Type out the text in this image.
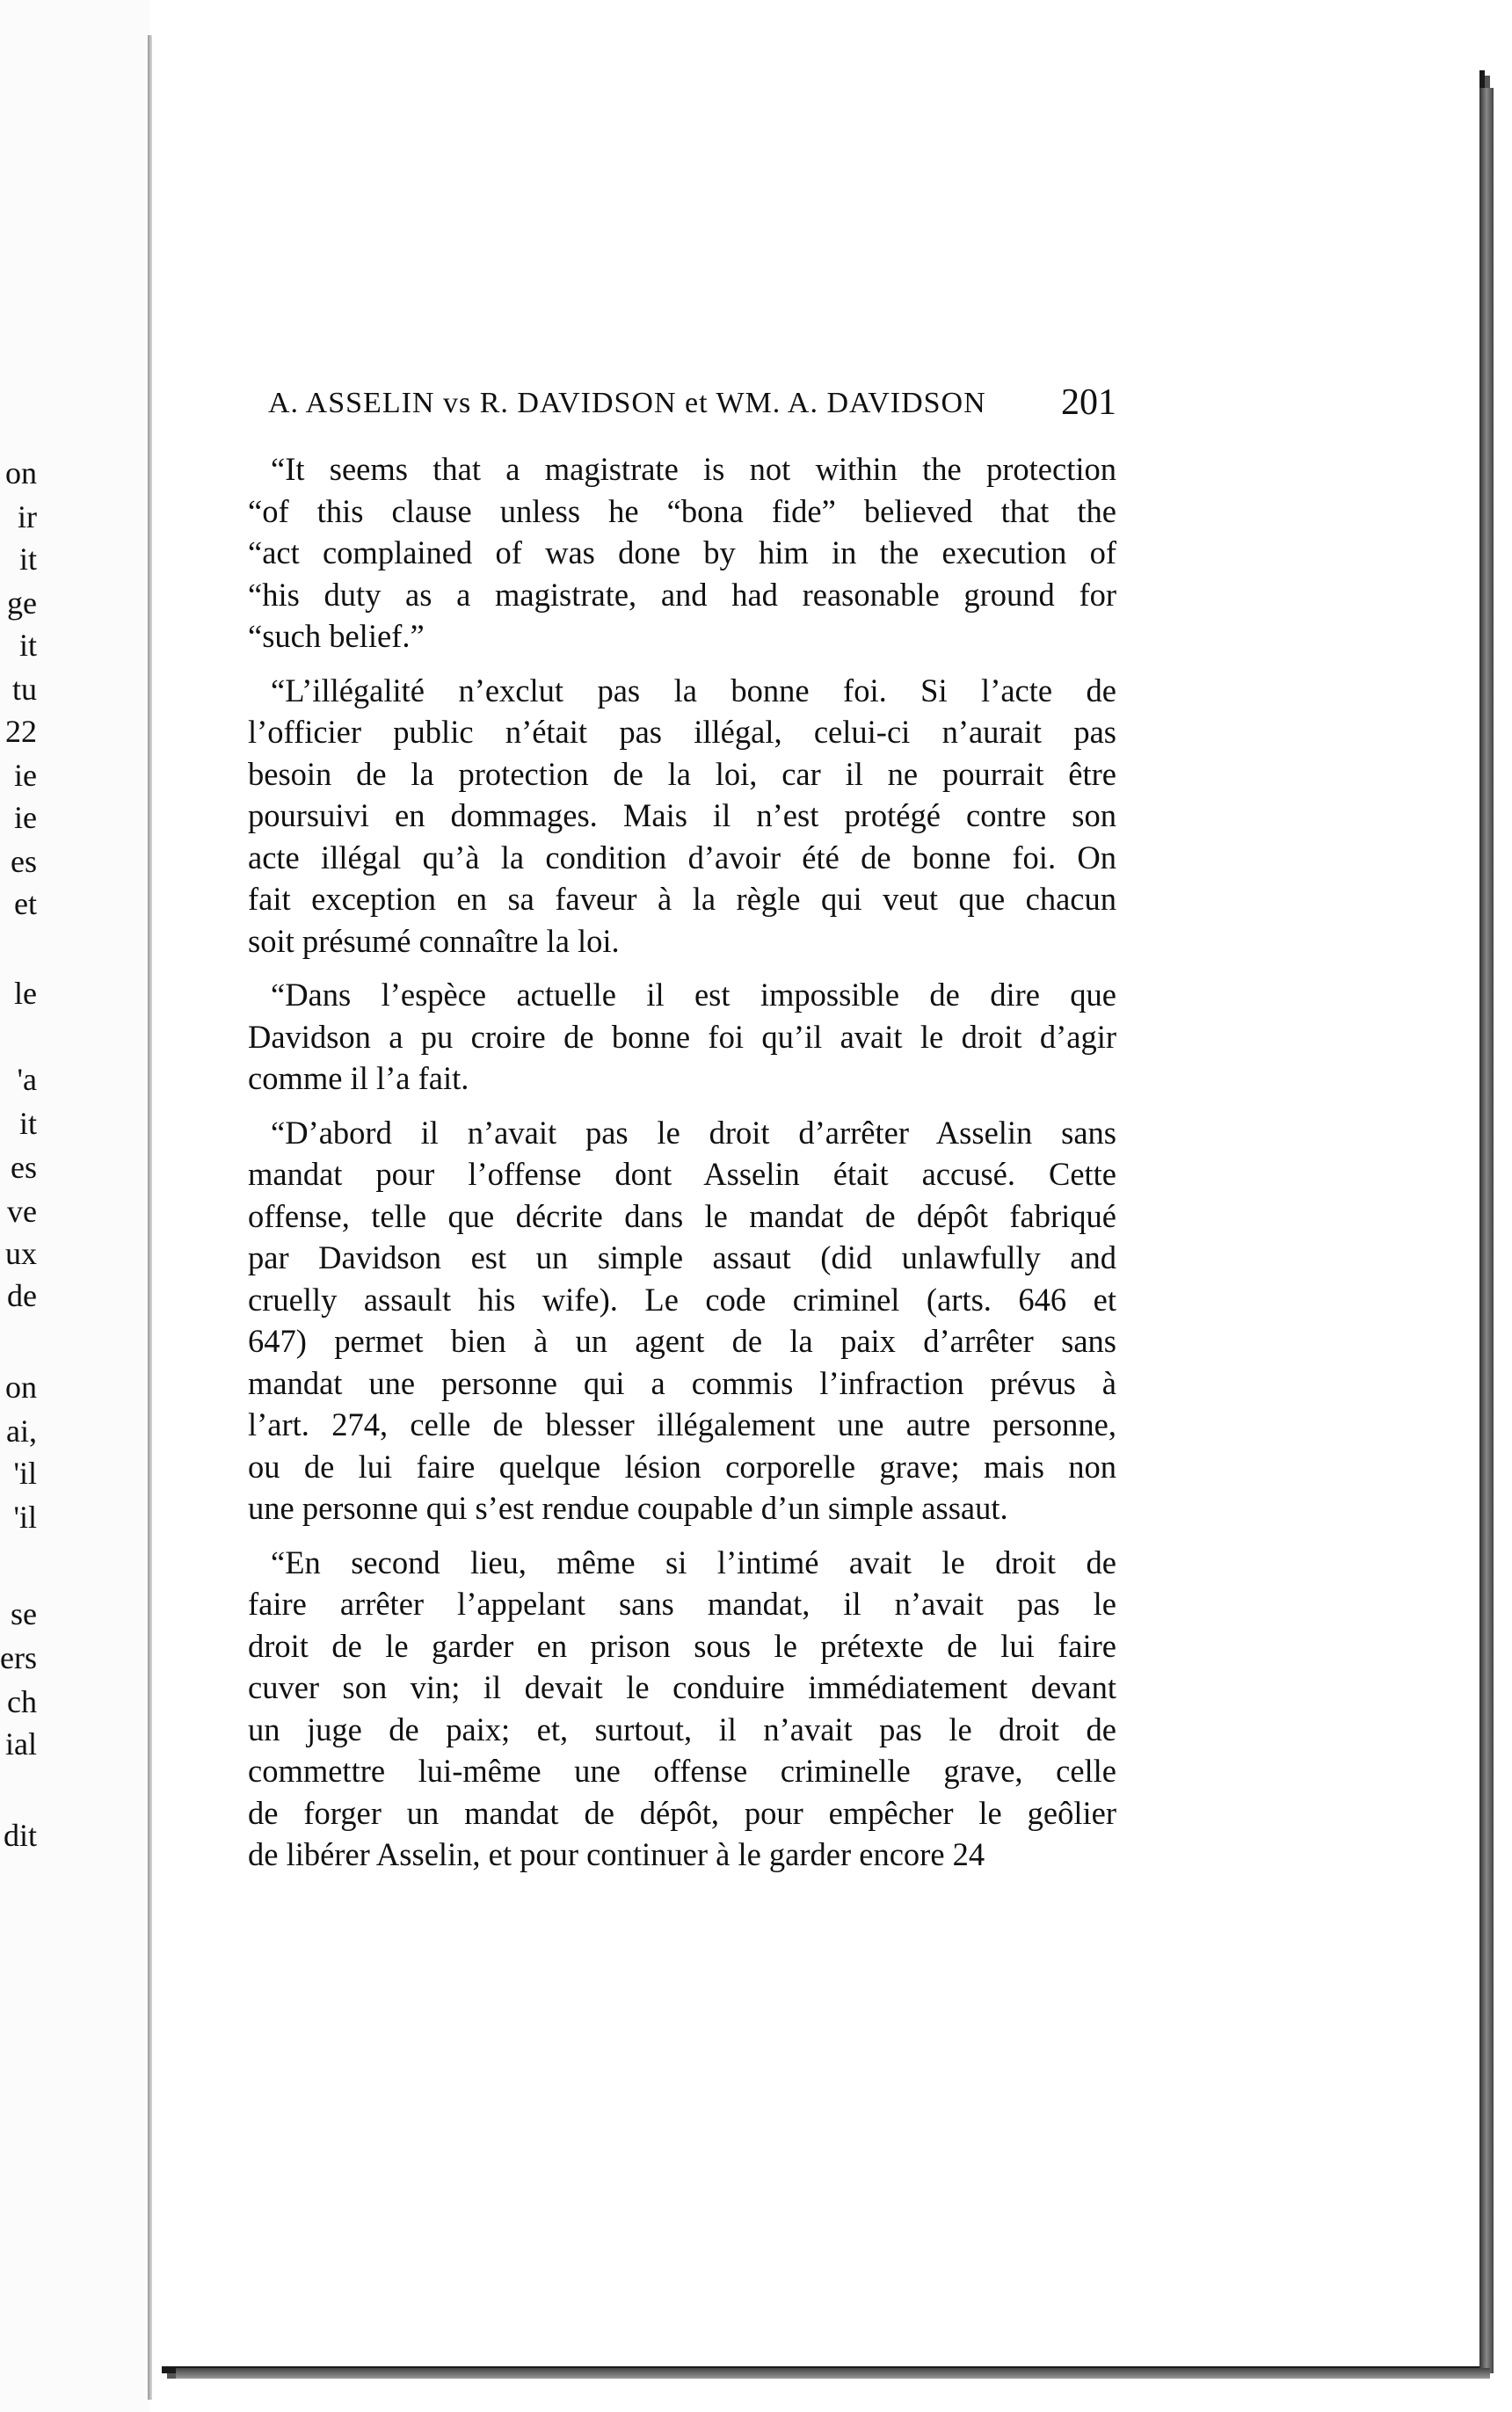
on
ir
it
ge
it
tu
22
ie
ie
es
et
le
'a
it
es
ve
ux
de
on
ai,
'il
'il
se
ers
ch
ial
dit
A. ASSELIN vs R. DAVIDSON et WM. A. DAVIDSON 201

“It seems that a magistrate is not within the protection
“of this clause unless he “bona fide” believed that the
“act complained of was done by him in the execution of
“his duty as a magistrate, and had reasonable ground for
“such belief.”

“L’illégalité n’exclut pas la bonne foi. Si l’acte de
l’officier public n’était pas illégal, celui-ci n’aurait pas
besoin de la protection de la loi, car il ne pourrait être
poursuivi en dommages. Mais il n’est protégé contre son
acte illégal qu’à la condition d’avoir été de bonne foi. On
fait exception en sa faveur à la règle qui veut que chacun
soit présumé connaître la loi.

“Dans l’espèce actuelle il est impossible de dire que
Davidson a pu croire de bonne foi qu’il avait le droit d’agir
comme il l’a fait.

“D’abord il n’avait pas le droit d’arrêter Asselin sans
mandat pour l’offense dont Asselin était accusé. Cette
offense, telle que décrite dans le mandat de dépôt fabriqué
par Davidson est un simple assaut (did unlawfully and
cruelly assault his wife). Le code criminel (arts. 646 et
647) permet bien à un agent de la paix d’arrêter sans
mandat une personne qui a commis l’infraction prévus à
l’art. 274, celle de blesser illégalement une autre personne,
ou de lui faire quelque lésion corporelle grave; mais non
une personne qui s’est rendue coupable d’un simple assaut.

“En second lieu, même si l’intimé avait le droit de
faire arrêter l’appelant sans mandat, il n’avait pas le
droit de le garder en prison sous le prétexte de lui faire
cuver son vin; il devait le conduire immédiatement devant
un juge de paix; et, surtout, il n’avait pas le droit de
commettre lui-même une offense criminelle grave, celle
de forger un mandat de dépôt, pour empêcher le geôlier
de libérer Asselin, et pour continuer à le garder encore 24
